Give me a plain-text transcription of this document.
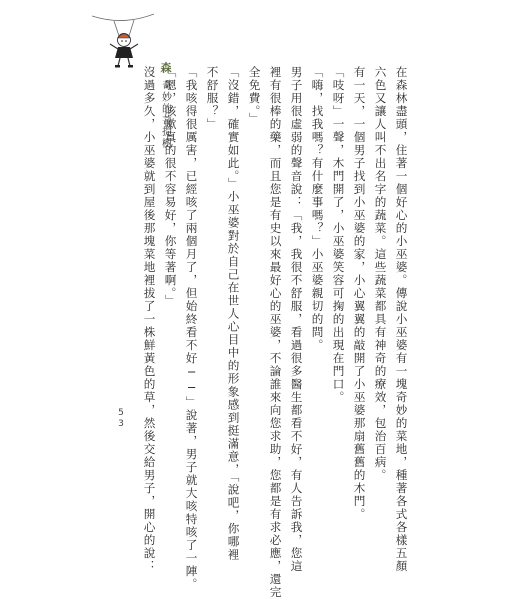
森
奇妙的菩提樹	在森林盡頭，住著一個好心的小巫婆。傳說小巫婆有一塊奇妙的菜地，種著各式各樣五顏
六色又讓人叫不出名字的蔬菜。這些蔬菜都具有神奇的療效，包治百病。
有一天，一個男子找到小巫婆的家，小心翼翼的敲開了小巫婆那扇舊舊的木門。
「吱呀」一聲，木門開了，小巫婆笑容可掬的出現在門口。
「嗨，找我嗎？有什麼事嗎？」小巫婆親切的問。
男子用很虛弱的聲音說：「我，我很不舒服，看過很多醫生都看不好，有人告訴我，您這
裡有很棒的藥，而且您是有史以來最好心的巫婆，不論誰來向您求助，您都是有求必應，還完
全免費。」
「沒錯，確實如此。」小巫婆對於自己在世人心目中的形象感到挺滿意，「說吧，你哪裡
不舒服？」
「我咳得很厲害，已經咳了兩個月了，但始終看不好──」說著，男子就大咳特咳了一陣。
「嗯，咳嗽真的很不容易好，你等著啊。」
沒過多久，小巫婆就到屋後那塊菜地裡拔了一株鮮黃色的草，然後交給男子，開心的說：
53
